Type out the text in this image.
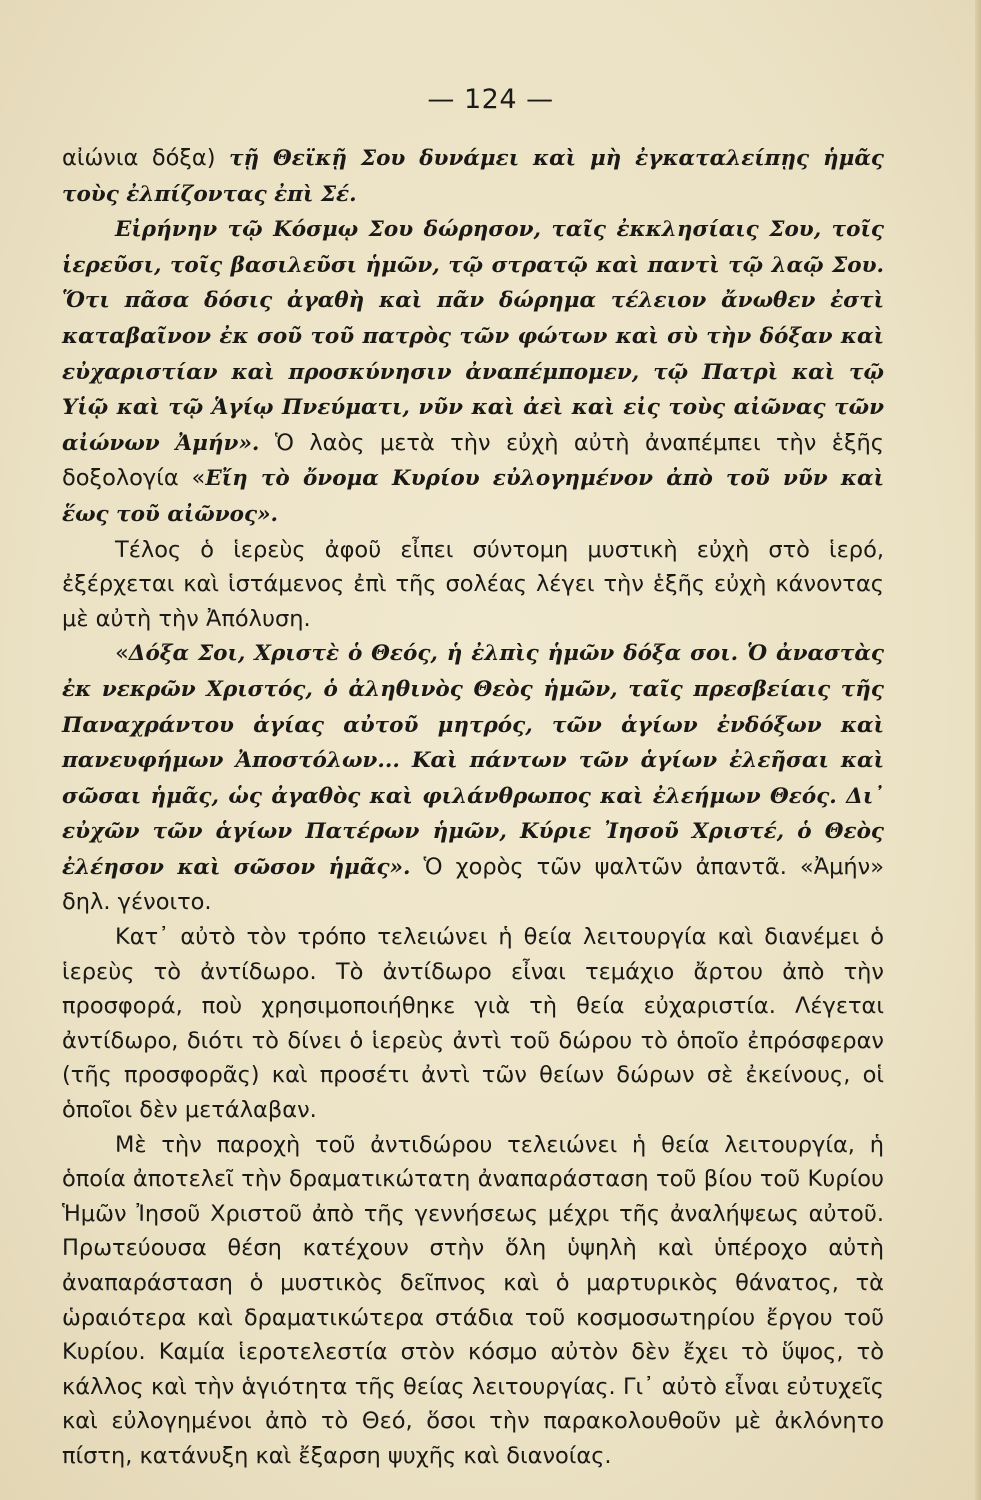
— 124 —

αἰώνια δόξα) τῇ Θεϊκῇ Σου δυνάμει καὶ μὴ ἐγκαταλείπῃς ἡμᾶς τοὺς ἐλπίζοντας ἐπὶ Σέ.

Εἰρήνην τῷ Κόσμῳ Σου δώρησον, ταῖς ἐκκλησίαις Σου, τοῖς ἱερεῦσι, τοῖς βασιλεῦσι ἡμῶν, τῷ στρατῷ καὶ παντὶ τῷ λαῷ Σου. Ὅτι πᾶσα δόσις ἀγαθὴ καὶ πᾶν δώρημα τέλειον ἄνωθεν ἐστὶ καταβαῖνον ἐκ σοῦ τοῦ πατρὸς τῶν φώτων καὶ σὺ τὴν δόξαν καὶ εὐχαριστίαν καὶ προσκύνησιν ἀναπέμπομεν, τῷ Πατρὶ καὶ τῷ Υἱῷ καὶ τῷ Ἁγίῳ Πνεύματι, νῦν καὶ ἀεὶ καὶ εἰς τοὺς αἰῶνας τῶν αἰώνων Ἀμήν». Ὁ λαὸς μετὰ τὴν εὐχὴ αὐτὴ ἀναπέμπει τὴν ἑξῆς δοξολογία «Εἴη τὸ ὄνομα Κυρίου εὐλογημένον ἀπὸ τοῦ νῦν καὶ ἕως τοῦ αἰῶνος».

Τέλος ὁ ἱερεὺς ἀφοῦ εἶπει σύντομη μυστικὴ εὐχὴ στὸ ἱερό, ἐξέρχεται καὶ ἱστάμενος ἐπὶ τῆς σολέας λέγει τὴν ἑξῆς εὐχὴ κάνοντας μὲ αὐτὴ τὴν Ἀπόλυση.

«Δόξα Σοι, Χριστὲ ὁ Θεός, ἡ ἐλπὶς ἡμῶν δόξα σοι. Ὁ ἀναστὰς ἐκ νεκρῶν Χριστός, ὁ ἀληθινὸς Θεὸς ἡμῶν, ταῖς πρεσβείαις τῆς Παναχράντου ἁγίας αὐτοῦ μητρός, τῶν ἁγίων ἐνδόξων καὶ πανευφήμων Ἀποστόλων... Καὶ πάντων τῶν ἁγίων ἐλεῆσαι καὶ σῶσαι ἡμᾶς, ὡς ἀγαθὸς καὶ φιλάνθρωπος καὶ ἐλεήμων Θεός. Δι᾽ εὐχῶν τῶν ἁγίων Πατέρων ἡμῶν, Κύριε Ἰησοῦ Χριστέ, ὁ Θεὸς ἐλέησον καὶ σῶσον ἡμᾶς». Ὁ χορὸς τῶν ψαλτῶν ἀπαντᾶ. «Ἀμήν» δηλ. γένοιτο.

Κατ᾽ αὐτὸ τὸν τρόπο τελειώνει ἡ θεία λειτουργία καὶ διανέμει ὁ ἱερεὺς τὸ ἀντίδωρο. Τὸ ἀντίδωρο εἶναι τεμάχιο ἄρτου ἀπὸ τὴν προσφορά, ποὺ χρησιμοποιήθηκε γιὰ τὴ θεία εὐχαριστία. Λέγεται ἀντίδωρο, διότι τὸ δίνει ὁ ἱερεὺς ἀντὶ τοῦ δώρου τὸ ὁποῖο ἐπρόσφεραν (τῆς προσφορᾶς) καὶ προσέτι ἀντὶ τῶν θείων δώρων σὲ ἐκείνους, οἱ ὁποῖοι δὲν μετάλαβαν.

Μὲ τὴν παροχὴ τοῦ ἀντιδώρου τελειώνει ἡ θεία λειτουργία, ἡ ὁποία ἀποτελεῖ τὴν δραματικώτατη ἀναπαράσταση τοῦ βίου τοῦ Κυρίου Ἡμῶν Ἰησοῦ Χριστοῦ ἀπὸ τῆς γεννήσεως μέχρι τῆς ἀναλήψεως αὐτοῦ. Πρωτεύουσα θέση κατέχουν στὴν ὅλη ὑψηλὴ καὶ ὑπέροχο αὐτὴ ἀναπαράσταση ὁ μυστικὸς δεῖπνος καὶ ὁ μαρτυρικὸς θάνατος, τὰ ὡραιότερα καὶ δραματικώτερα στάδια τοῦ κοσμοσωτηρίου ἔργου τοῦ Κυρίου. Καμία ἱεροτελεστία στὸν κόσμο αὐτὸν δὲν ἔχει τὸ ὕψος, τὸ κάλλος καὶ τὴν ἁγιότητα τῆς θείας λειτουργίας. Γι᾽ αὐτὸ εἶναι εὐτυχεῖς καὶ εὐλογημένοι ἀπὸ τὸ Θεό, ὅσοι τὴν παρακολουθοῦν μὲ ἀκλόνητο πίστη, κατάνυξη καὶ ἔξαρση ψυχῆς καὶ διανοίας.
